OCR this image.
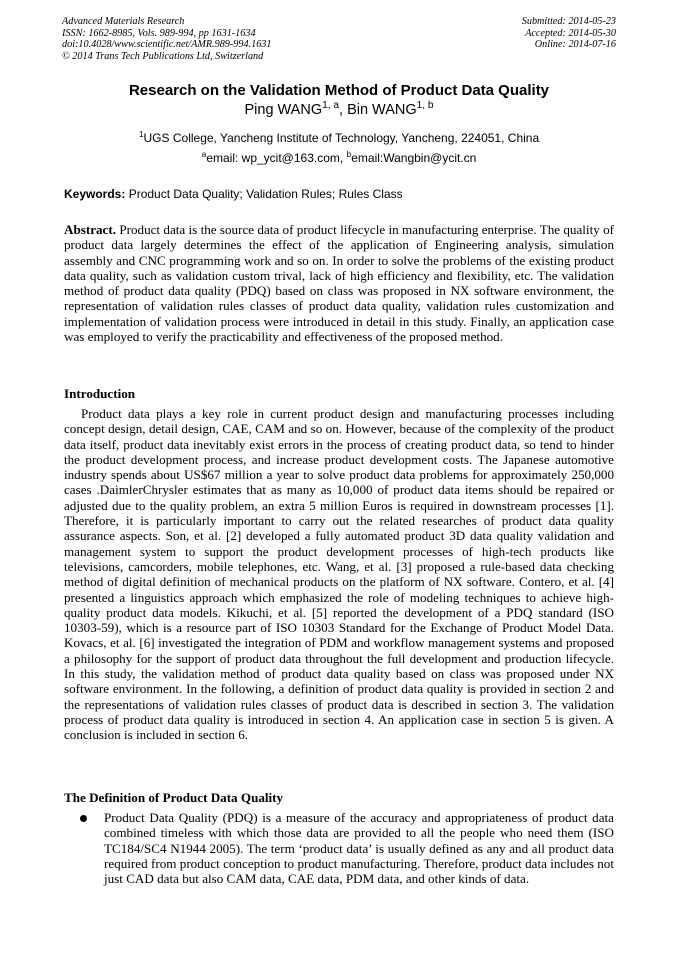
Advanced Materials Research
ISSN: 1662-8985, Vols. 989-994, pp 1631-1634
doi:10.4028/www.scientific.net/AMR.989-994.1631
© 2014 Trans Tech Publications Ltd, Switzerland
Submitted: 2014-05-23
Accepted: 2014-05-30
Online: 2014-07-16
Research on the Validation Method of Product Data Quality
Ping WANG$^{1, a}$, Bin WANG$^{1, b}$
$^1$UGS College, Yancheng Institute of Technology, Yancheng, 224051, China
$^a$email: wp_ycit@163.com, $^b$email:Wangbin@ycit.cn
Keywords: Product Data Quality; Validation Rules; Rules Class
Abstract. Product data is the source data of product lifecycle in manufacturing enterprise. The quality of product data largely determines the effect of the application of Engineering analysis, simulation assembly and CNC programming work and so on. In order to solve the problems of the existing product data quality, such as validation custom trival, lack of high efficiency and flexibility, etc. The validation method of product data quality (PDQ) based on class was proposed in NX software environment, the representation of validation rules classes of product data quality, validation rules customization and implementation of validation process were introduced in detail in this study. Finally, an application case was employed to verify the practicability and effectiveness of the proposed method.
Introduction
Product data plays a key role in current product design and manufacturing processes including concept design, detail design, CAE, CAM and so on. However, because of the complexity of the product data itself, product data inevitably exist errors in the process of creating product data, so tend to hinder the product development process, and increase product development costs. The Japanese automotive industry spends about US$67 million a year to solve product data problems for approximately 250,000 cases .DaimlerChrysler estimates that as many as 10,000 of product data items should be repaired or adjusted due to the quality problem, an extra 5 million Euros is required in downstream processes [1]. Therefore, it is particularly important to carry out the related researches of product data quality assurance aspects. Son, et al. [2] developed a fully automated product 3D data quality validation and management system to support the product development processes of high-tech products like televisions, camcorders, mobile telephones, etc. Wang, et al. [3] proposed a rule-based data checking method of digital definition of mechanical products on the platform of NX software. Contero, et al. [4] presented a linguistics approach which emphasized the role of modeling techniques to achieve high-quality product data models. Kikuchi, et al. [5] reported the development of a PDQ standard (ISO 10303-59), which is a resource part of ISO 10303 Standard for the Exchange of Product Model Data. Kovacs, et al. [6] investigated the integration of PDM and workflow management systems and proposed a philosophy for the support of product data throughout the full development and production lifecycle. In this study, the validation method of product data quality based on class was proposed under NX software environment. In the following, a definition of product data quality is provided in section 2 and the representations of validation rules classes of product data is described in section 3. The validation process of product data quality is introduced in section 4. An application case in section 5 is given. A conclusion is included in section 6.
The Definition of Product Data Quality
Product Data Quality (PDQ) is a measure of the accuracy and appropriateness of product data combined timeless with which those data are provided to all the people who need them (ISO TC184/SC4 N1944 2005). The term ‘product data’ is usually defined as any and all product data required from product conception to product manufacturing. Therefore, product data includes not just CAD data but also CAM data, CAE data, PDM data, and other kinds of data.
